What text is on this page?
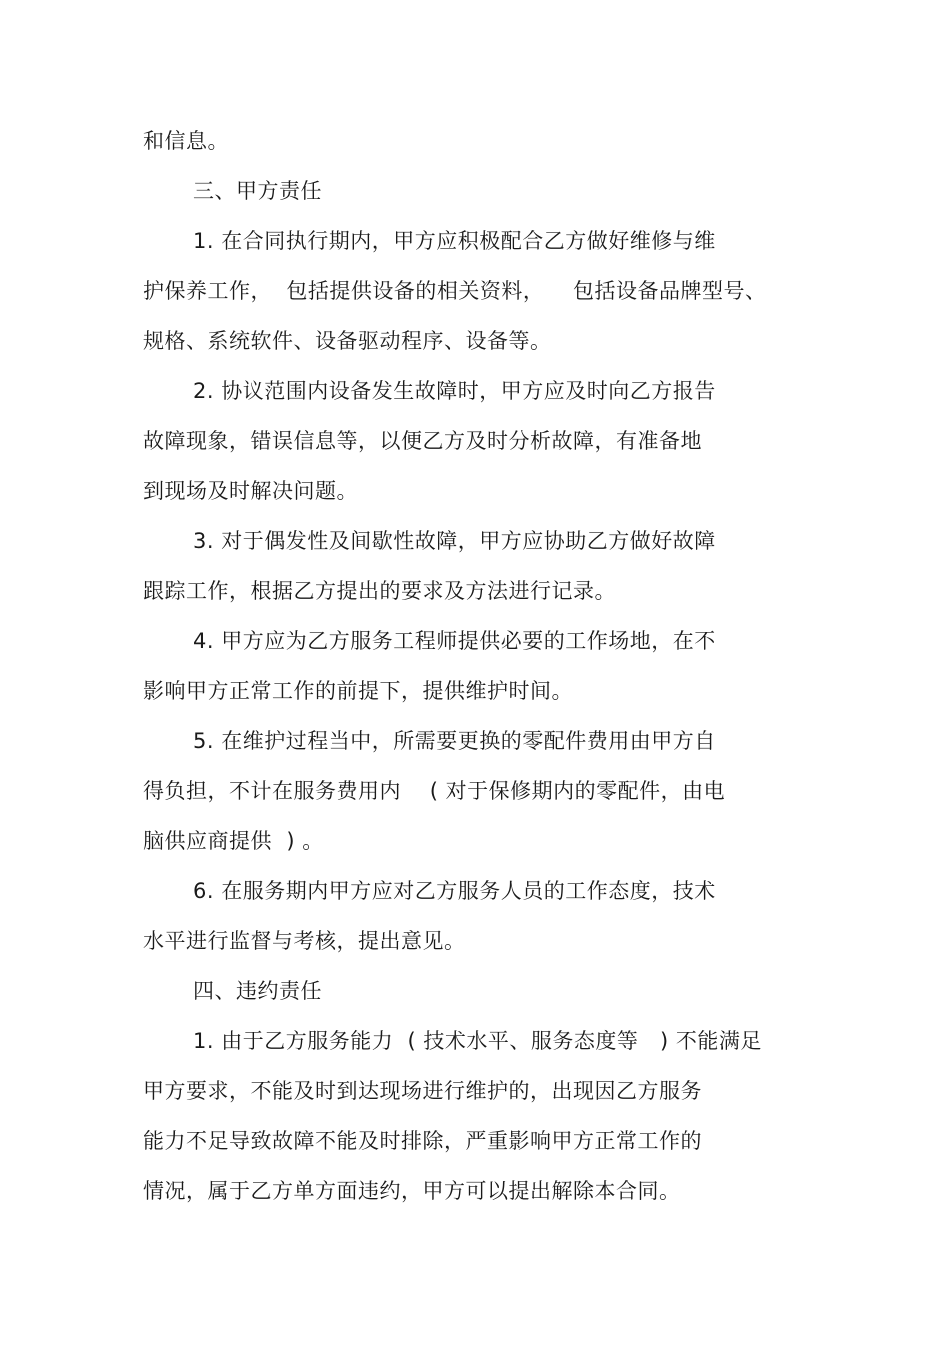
和信息。
三、甲方责任
1. 在合同执行期内，甲方应积极配合乙方做好维修与维
护保养工作，  包括提供设备的相关资料，    包括设备品牌型号、
规格、系统软件、设备驱动程序、设备等。
2. 协议范围内设备发生故障时，甲方应及时向乙方报告
故障现象，错误信息等，以便乙方及时分析故障，有准备地
到现场及时解决问题。
3. 对于偶发性及间歇性故障，甲方应协助乙方做好故障
跟踪工作，根据乙方提出的要求及方法进行记录。
4. 甲方应为乙方服务工程师提供必要的工作场地，在不
影响甲方正常工作的前提下，提供维护时间。
5. 在维护过程当中，所需要更换的零配件费用由甲方自
得负担，不计在服务费用内    ( 对于保修期内的零配件，由电
脑供应商提供  ) 。
6. 在服务期内甲方应对乙方服务人员的工作态度，技术
水平进行监督与考核，提出意见。
四、违约责任
1. 由于乙方服务能力  ( 技术水平、服务态度等   ) 不能满足
甲方要求，不能及时到达现场进行维护的，出现因乙方服务
能力不足导致故障不能及时排除，严重影响甲方正常工作的
情况，属于乙方单方面违约，甲方可以提出解除本合同。
